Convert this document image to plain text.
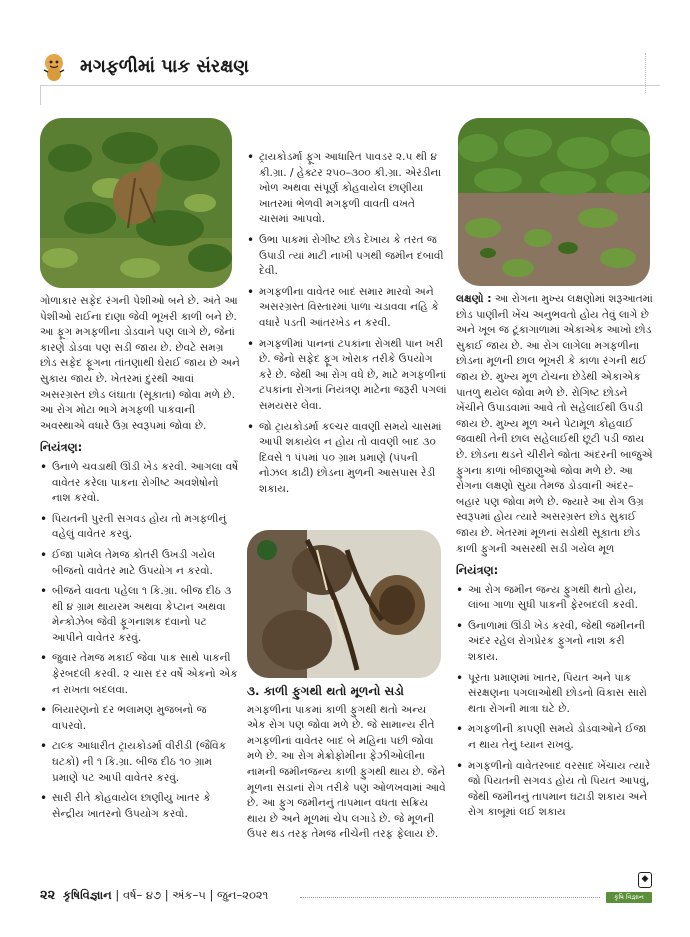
મગફળીમાં પાક સંરક્ષણ

ગોળાકાર સફેદ રંગની પેશીઓ બને છે. અંતે આ પેશીઓ રાઈના દાણા જેવી ભૂખરી કાળી બને છે. આ ફૂગ મગફળીના ડોડવાને પણ લાગે છે, જેનાં કારણે ડોડવા પણ સડી જાય છે. છેવટે સમગ્ર છોડ સફેદ ફૂગના તાંતણાથી ઘેરાઈ જાય છે અને સુકાય જાય છે. ખેતરમાં દુરથી આવાં અસરગ્રસ્ત છોડ લંઘાતા (સૂકાતા) જોવા મળે છે. આ રોગ મોટા ભાગે મગફળી પાકવાની અવસ્થાએ વધારે ઉગ્ર સ્વરૂપમાં જોવા છે.

નિયંત્રણ:
• ઉનાળે ચવડાથી ઊંડી ખેડ કરવી. આગલા વર્ષે વાવેતર કરેલા પાકના રોગીષ્ટ અવશેષોનો નાશ કરવો.
• પિયતની પુરતી સગવડ હોય તો મગફળીનું વહેલું વાવેતર કરવું.
• ઈજા પામેલ તેમજ કોતરી ઉખડી ગયેલ બીજનો વાવેતર માટે ઉપયોગ ન કરવો.
• બીજને વાવતા પહેલા ૧ કિ.ગ્રા. બીજ દીઠ ૩ થી ૪ ગ્રામ થાયરમ અથવા કેપ્ટાન અથવા મેન્કોઝેબ જેવી ફૂગનાશક દવાનો પટ આપીને વાવેતર કરવું.
• જુવાર તેમજ મકાઈ જેવા પાક સાથે પાકની ફેરબદલી કરવી. ૨ ચાસ દર વર્ષે એકનો એક ન રાખતા બદલવા.
• બિયારણનો દર ભલામણ મુજબનો જ વાપરવો.
• ટાલ્ક આધારીત ટ્રાયકોડર્મા વીરીડી (જૈવિક ઘટકો) ની ૧ કિ.ગ્રા. બીજ દીઠ ૧૦ ગ્રામ પ્રમાણે પટ આપી વાવેતર કરવું.
• સારી રીતે કોહવાયેલ છાણીયુ ખાતર કે સેન્દ્રીય ખાતરનો ઉપયોગ કરવો.
• ટ્રાયકોડર્મા ફૂગ આધારિત પાવડર ૨.૫ થી ૪ કી.ગ્રા. / હેક્ટર ૨૫૦–૩૦૦ કી.ગ્રા. એરંડીના ખોળ અથવા સંપૂર્ણ કોહવાયેલ છાણીયા ખાતરમાં ભેળવી મગફળી વાવતી વખતે ચાસમાં આપવો.
• ઉભા પાકમાં રોગીષ્ટ છોડ દેખાય કે તરત જ ઉપાડી ત્યાં માટી નાખી પગથી જમીન દબાવી દેવી.
• મગફળીના વાવેતર બાદ સમાર મારવો અને અસરગ્રસ્ત વિસ્તારમાં પાળા ચડાવવા નહિ કે વધારે પડતી આંતરખેડ ન કરવી.
• મગફળીમાં પાનનાં ટપકાંના રોગથી પાન ખરી છે. જેનો સફેદ ફૂગ ખોરાક તરીકે ઉપયોગ કરે છે. જેથી આ રોગ વધે છે, માટે મગફળીનાં ટપકાંના રોગનાં નિયંત્રણ માટેના જરૂરી પગલાં સમયસર લેવા.
• જો ટ્રાયકોડર્મા કલ્ચર વાવણી સમયે ચાસમાં આપી શકાયેલ ન હોય તો વાવણી બાદ ૩૦ દિવસે ૧ પંપમાં ૫૦ ગ્રામ પ્રમાણે (પંપની નોઝલ કાઢી) છોડના મુળની આસપાસ રેડી શકાય.
૩. કાળી ફુગથી થતો મૂળનો સડો

મગફળીના પાકમાં કાળી ફુગથી થતો અન્ય એક રોગ પણ જોવા મળે છે. જે સામાન્ય રીતે મગફળીનાં વાવેતર બાદ બે મહિના પછી જોવા મળે છે. આ રોગ મેક્રોફોમીના ફેઝીઓલીના નામની જમીનજન્ય કાળી ફુગથી થાય છે. જેને મૂળના સડાનાં રોગ તરીકે પણ ઓળખવામાં આવે છે. આ ફુગ જમીનનું તાપમાન વધતા સક્રિય થાય છે અને મૂળમાં ચેપ લગાડે છે. જે મૂળની ઉપર થડ તરફ તેમજ નીચેની તરફ ફેલાય છે.

લક્ષણો : આ રોગના મુખ્ય લક્ષણોમાં શરૂઆતમાં છોડ પાણીની ખેંચ અનુભવતો હોય તેવું લાગે છે અને ખૂબ જ ટૂંકાગાળામાં એકાએક આખો છોડ સુકાઈ જાય છે. આ રોગ લાગેલા મગફળીના છોડના મૂળની છાલ ભૂખરી કે કાળા રંગની થઈ જાય છે. મુખ્ય મૂળ ટોચના છેડેથી એકાએક પાતળુ થયેલ જોવા મળે છે. રોગિષ્ટ છોડને ખેંચીને ઉપાડવામાં આવે તો સહેલાઈથી ઉપડી જાય છે. મુખ્ય મૂળ અને પેટામૂળ કોહવાઈ જવાથી તેની છાલ સહેલાઈથી છૂટી પડી જાય છે. છોડના થડને ચીરીને જોતા અંદરની બાજુએ ફુગના કાળાં બીજાણુઓ જોવા મળે છે. આ રોગના લક્ષણો સુયા તેમજ ડોડવાની અંદર–બહાર પણ જોવા મળે છે. જ્યારે આ રોગ ઉગ્ર સ્વરૂપમાં હોય ત્યારે અસરગ્રસ્ત છોડ સુકાઈ જાય છે. ખેતરમાં મૂળનાં સડોથી સૂકાતા છોડ કાળી ફુગની અસરથી સડી ગયેલ મૂળ

નિયંત્રણ:
• આ રોગ જમીન જન્ય ફુગથી થતો હોય, લાંબા ગાળા સુધી પાકની ફેરબદલી કરવી.
• ઉનાળામાં ઊંડી ખેડ કરવી, જેથી જમીનની અંદર રહેલ રોગપ્રેરક ફુગનો નાશ કરી શકાય.
• પૂરતા પ્રમાણમાં ખાતર, પિયત અને પાક સંરક્ષણના પગલાઓથી છોડનો વિકાસ સારો થતા રોગની માત્રા ઘટે છે.
• મગફળીની કાપણી સમયે ડોડવાઓને ઈજા ન થાય તેનું ધ્યાન રાખવું.
• મગફળીનો વાવેતરબાદ વરસાદ ખેંચાય ત્યારે જો પિયતની સગવડ હોય તો પિયત આપવું, જેથી જમીનનું તાપમાન ઘટાડી શકાય અને રોગ કાબૂમાં લઈ શકાય
◆
૨૨ કૃષિવિજ્ઞાન | વર્ષ– ૪૭ | અંક–૫ | જુન–૨૦૨૧	કૃષિ વિજ્ઞાન
